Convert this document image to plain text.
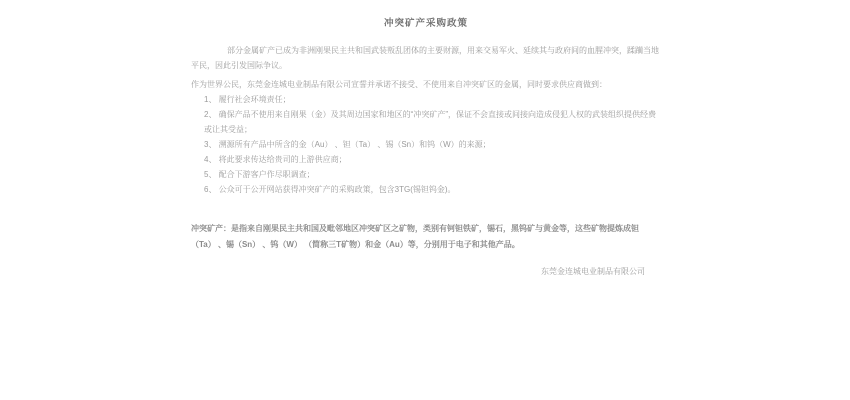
冲突矿产采购政策

部分金属矿产已成为非洲刚果民主共和国武装叛乱团体的主要财源，用来交易军火、延续其与政府间的血腥冲突，蹂躏当地平民，因此引发国际争议。

作为世界公民，东莞金连城电业制品有限公司宣誓并承诺不接受、不使用来自冲突矿区的金属，同时要求供应商做到：

1、 履行社会环境责任；

2、 确保产品不使用来自刚果（金）及其周边国家和地区的“冲突矿产”，保证不会直接或间接向造成侵犯人权的武装组织提供经费或让其受益；

3、 溯源所有产品中所含的金（Au） 、钽（Ta） 、锡（Sn）和钨（W）的来源；

4、 将此要求传达给贵司的上游供应商；

5、 配合下游客户作尽职调查；

6、 公众可于公开网站获得冲突矿产的采购政策，包含3TG(锡钽钨金)。

冲突矿产：是指来自刚果民主共和国及毗邻地区冲突矿区之矿物，类别有钶钽铁矿，锡石，黑钨矿与黄金等，这些矿物提炼成钽（Ta） 、锡（Sn） 、钨（W） （简称三T矿物）和金（Au）等，分别用于电子和其他产品。

东莞金连城电业制品有限公司
